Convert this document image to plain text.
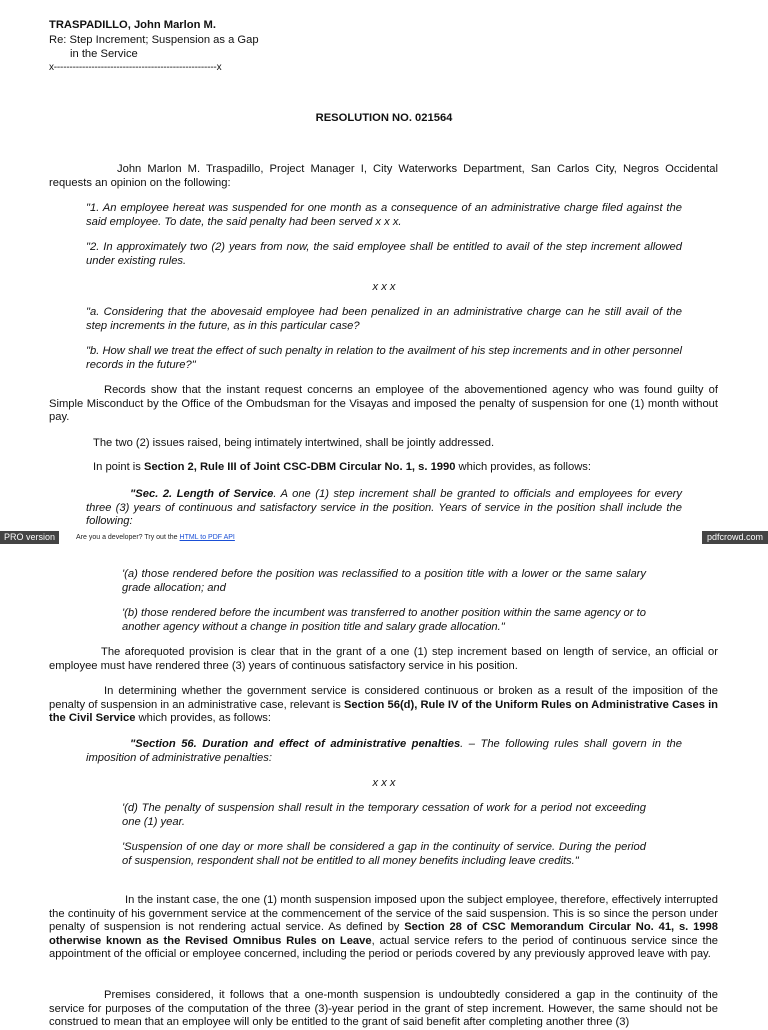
TRASPADILLO, John Marlon M.
Re: Step Increment; Suspension as a Gap
in the Service
x----------------------------------------------------x
RESOLUTION NO. 021564

John Marlon M. Traspadillo, Project Manager I, City Waterworks Department, San Carlos City, Negros Occidental requests an opinion on the following:

"1. An employee hereat was suspended for one month as a consequence of an administrative charge filed against the said employee. To date, the said penalty had been served x x x.

"2. In approximately two (2) years from now, the said employee shall be entitled to avail of the step increment allowed under existing rules.

x x x

"a. Considering that the abovesaid employee had been penalized in an administrative charge can he still avail of the step increments in the future, as in this particular case?

"b. How shall we treat the effect of such penalty in relation to the availment of his step increments and in other personnel records in the future?"

Records show that the instant request concerns an employee of the abovementioned agency who was found guilty of Simple Misconduct by the Office of the Ombudsman for the Visayas and imposed the penalty of suspension for one (1) month without pay.

The two (2) issues raised, being intimately intertwined, shall be jointly addressed.

In point is Section 2, Rule III of Joint CSC-DBM Circular No. 1, s. 1990 which provides, as follows:

"Sec. 2. Length of Service. A one (1) step increment shall be granted to officials and employees for every three (3) years of continuous and satisfactory service in the position. Years of service in the position shall include the following:

PRO version	Are you a developer? Try out the HTML to PDF API	pdfcrowd.com

'(a) those rendered before the position was reclassified to a position title with a lower or the same salary grade allocation; and

'(b) those rendered before the incumbent was transferred to another position within the same agency or to another agency without a change in position title and salary grade allocation."

The aforequoted provision is clear that in the grant of a one (1) step increment based on length of service, an official or employee must have rendered three (3) years of continuous satisfactory service in his position.

In determining whether the government service is considered continuous or broken as a result of the imposition of the penalty of suspension in an administrative case, relevant is Section 56(d), Rule IV of the Uniform Rules on Administrative Cases in the Civil Service which provides, as follows:

"Section 56. Duration and effect of administrative penalties. – The following rules shall govern in the imposition of administrative penalties:

x x x

'(d) The penalty of suspension shall result in the temporary cessation of work for a period not exceeding one (1) year.

'Suspension of one day or more shall be considered a gap in the continuity of service. During the period of suspension, respondent shall not be entitled to all money benefits including leave credits."

In the instant case, the one (1) month suspension imposed upon the subject employee, therefore, effectively interrupted the continuity of his government service at the commencement of the service of the said suspension. This is so since the person under penalty of suspension is not rendering actual service. As defined by Section 28 of CSC Memorandum Circular No. 41, s. 1998 otherwise known as the Revised Omnibus Rules on Leave, actual service refers to the period of continuous service since the appointment of the official or employee concerned, including the period or periods covered by any previously approved leave with pay.

Premises considered, it follows that a one-month suspension is undoubtedly considered a gap in the continuity of the service for purposes of the computation of the three (3)-year period in the grant of step increment. However, the same should not be construed to mean that an employee will only be entitled to the grant of said benefit after completing another three (3)
